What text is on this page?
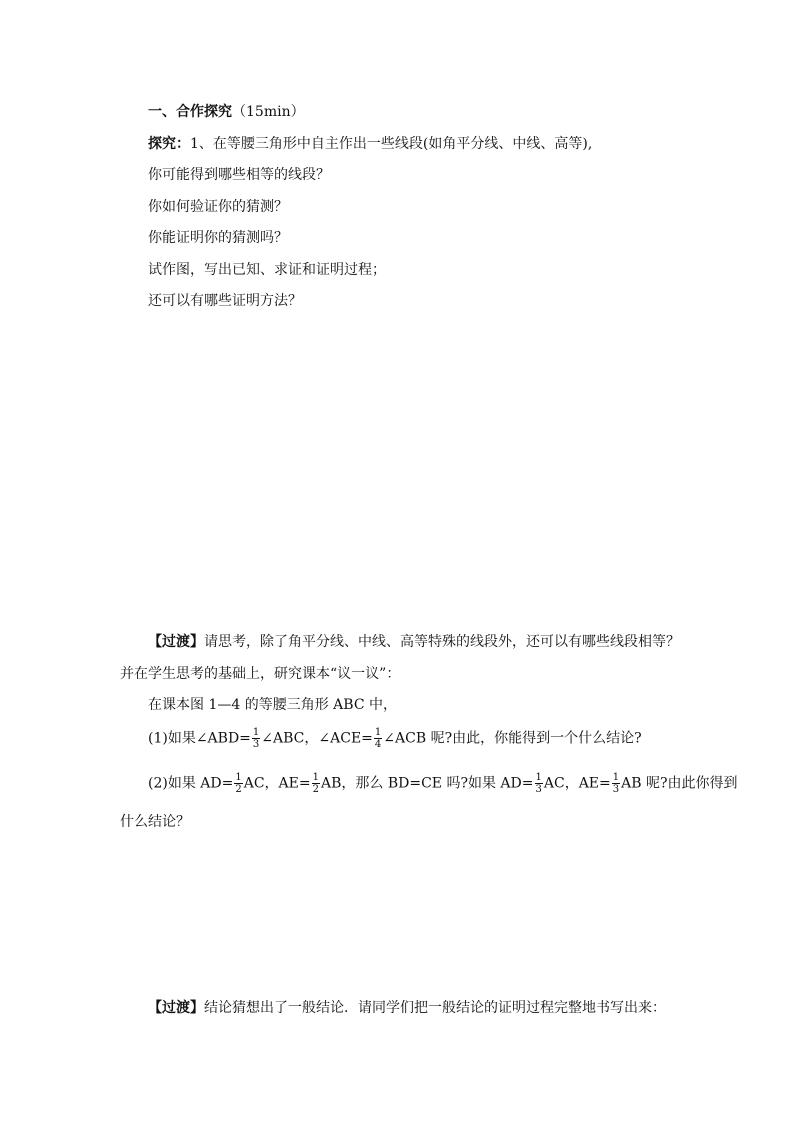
一、合作探究（15min）
探究：1、在等腰三角形中自主作出一些线段(如角平分线、中线、高等),
你可能得到哪些相等的线段？
你如何验证你的猜测？
你能证明你的猜测吗？
试作图，写出已知、求证和证明过程；
还可以有哪些证明方法？
【过渡】请思考，除了角平分线、中线、高等特殊的线段外，还可以有哪些线段相等？
并在学生思考的基础上，研究课本“议一议”：
在课本图 1—4 的等腰三角形 ABC 中，
(1)如果∠ABD= $\frac{1}{3}$ ∠ABC，∠ACE= $\frac{1}{4}$ ∠ACB 呢?由此，你能得到一个什么结论?
(2)如果 $AD= \frac{1}{2}$ AC，$AE= \frac{1}{2}$ AB，那么 BD=CE 吗?如果 $AD= \frac{1}{3}$ AC，$AE= \frac{1}{3}$ AB 呢?由此你得到
什么结论？
【过渡】结论猜想出了一般结论．请同学们把一般结论的证明过程完整地书写出来：
